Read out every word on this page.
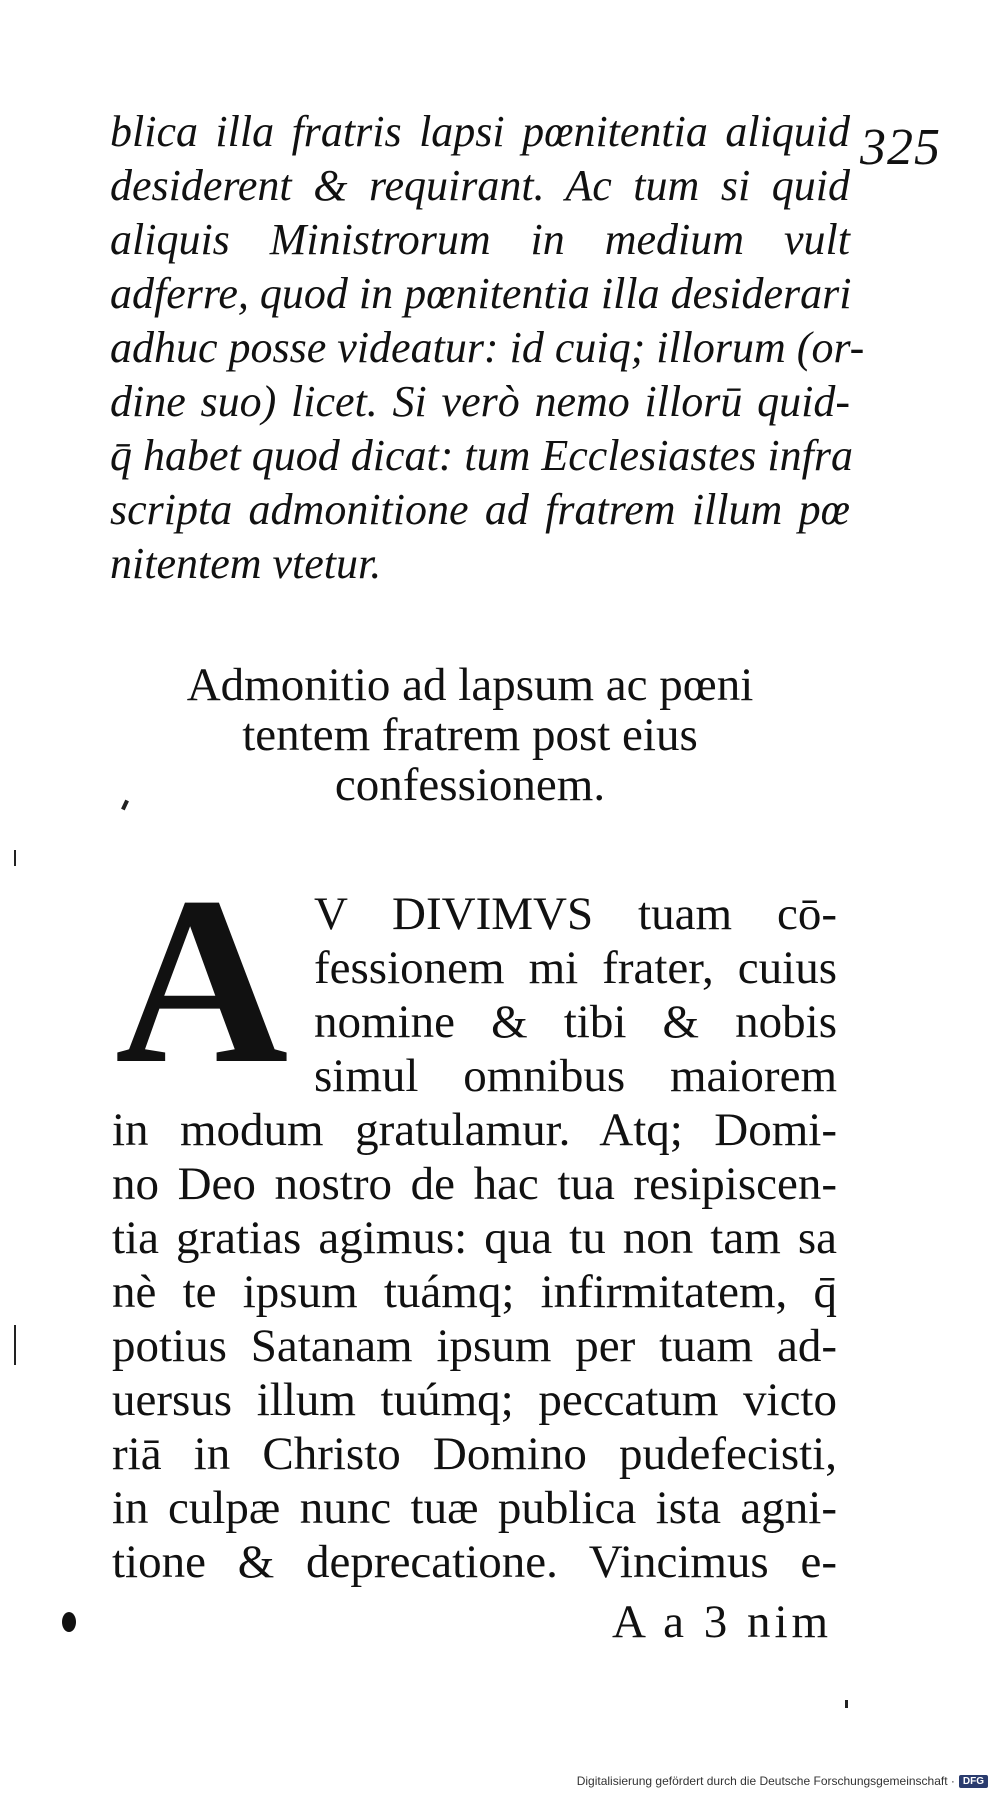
325
blica illa fratris lapsi pœnitentia aliquid
desiderent & requirant. Ac tum si quid
aliquis Ministrorum in medium vult
adferre, quod in pœnitentia illa desiderari
adhuc posse videatur: id cuiq; illorum (or-
dine suo) licet. Si verò nemo illorū quid-
q̄ habet quod dicat: tum Ecclesiastes infra
scripta admonitione ad fratrem illum pœ
nitentem vtetur.
Admonitio ad lapsum ac pœni
tentem fratrem post eius
confessionem.
A V DIVIMVS tuam cō-
fessionem mi frater, cuius
nomine & tibi & nobis
simul omnibus maiorem
in modum gratulamur. Atq; Domi-
no Deo nostro de hac tua resipiscen-
tia gratias agimus: qua tu non tam sa
nè te ipsum tuámq; infirmitatem, q̄
potius Satanam ipsum per tuam ad-
uersus illum tuúmq; peccatum victo
riā in Christo Domino pudefecisti,
in culpæ nunc tuæ publica ista agni-
tione & deprecatione. Vincimus e-
A a 3 nim
Digitalisierung gefördert durch die Deutsche Forschungsgemeinschaft · DFG
